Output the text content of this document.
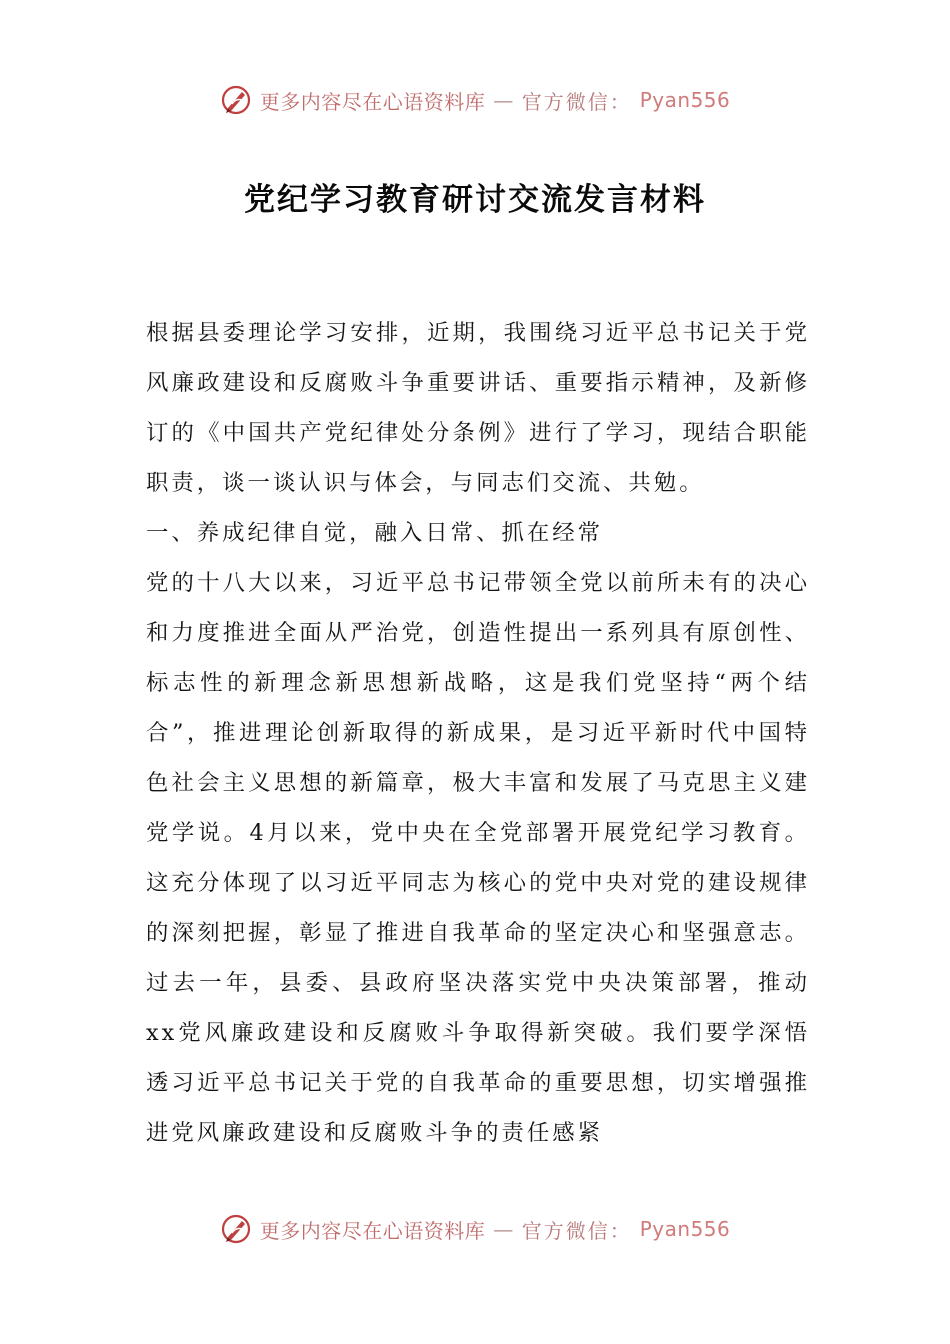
更多内容尽在心语资料库 — 官方微信： Pyan556
党纪学习教育研讨交流发言材料

根据县委理论学习安排，近期，我围绕习近平总书记关于党风廉政建设和反腐败斗争重要讲话、重要指示精神，及新修订的《中国共产党纪律处分条例》进行了学习，现结合职能职责，谈一谈认识与体会，与同志们交流、共勉。

一、养成纪律自觉，融入日常、抓在经常

党的十八大以来，习近平总书记带领全党以前所未有的决心和力度推进全面从严治党，创造性提出一系列具有原创性、标志性的新理念新思想新战略，这是我们党坚持“两个结合”，推进理论创新取得的新成果，是习近平新时代中国特色社会主义思想的新篇章，极大丰富和发展了马克思主义建党学说。4月以来，党中央在全党部署开展党纪学习教育。这充分体现了以习近平同志为核心的党中央对党的建设规律的深刻把握，彰显了推进自我革命的坚定决心和坚强意志。过去一年，县委、县政府坚决落实党中央决策部署，推动xx党风廉政建设和反腐败斗争取得新突破。我们要学深悟透习近平总书记关于党的自我革命的重要思想，切实增强推进党风廉政建设和反腐败斗争的责任感紧

更多内容尽在心语资料库 — 官方微信： Pyan556
